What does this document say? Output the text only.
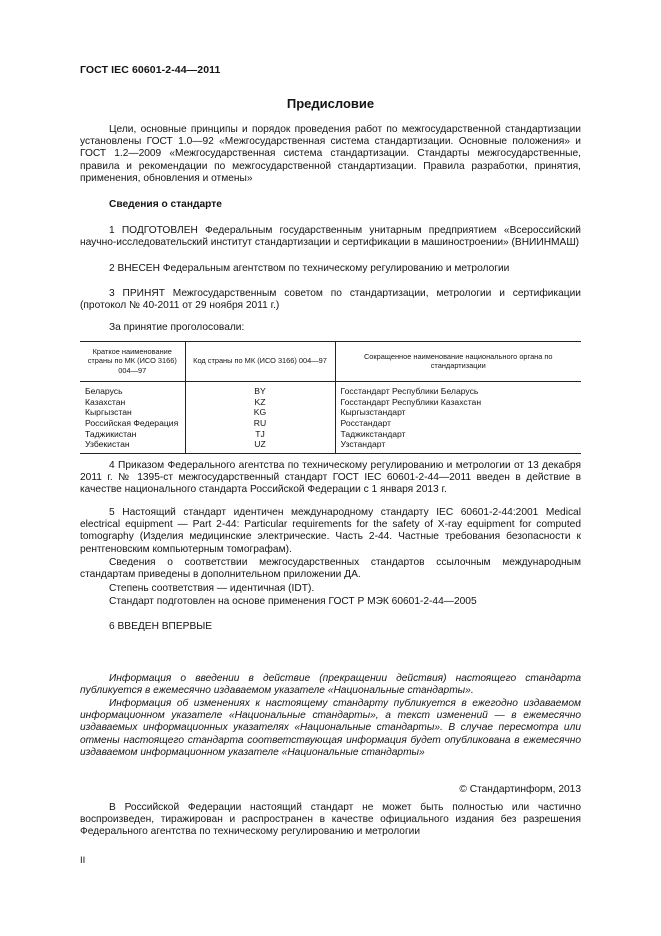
ГОСТ IEC 60601-2-44—2011
Предисловие
Цели, основные принципы и порядок проведения работ по межгосударственной стандартизации установлены ГОСТ 1.0—92 «Межгосударственная система стандартизации. Основные положения» и ГОСТ 1.2—2009 «Межгосударственная система стандартизации. Стандарты межгосударственные, правила и рекомендации по межгосударственной стандартизации. Правила разработки, принятия, применения, обновления и отмены»
Сведения о стандарте
1 ПОДГОТОВЛЕН Федеральным государственным унитарным предприятием «Всероссийский научно-исследовательский институт стандартизации и сертификации в машиностроении» (ВНИИНМАШ)
2 ВНЕСЕН Федеральным агентством по техническому регулированию и метрологии
3 ПРИНЯТ Межгосударственным советом по стандартизации, метрологии и сертификации (протокол № 40-2011 от 29 ноября 2011 г.)
За принятие проголосовали:
Краткое наименование страны по МК (ИСО 3166) 004—97	Код страны по МК (ИСО 3166) 004—97	Сокращенное наименование национального органа по стандартизации
Беларусь	BY	Госстандарт Республики Беларусь
Казахстан	KZ	Госстандарт Республики Казахстан
Кыргызстан	KG	Кыргызстандарт
Российская Федерация	RU	Росстандарт
Таджикистан	TJ	Таджикстандарт
Узбекистан	UZ	Узстандарт
4 Приказом Федерального агентства по техническому регулированию и метрологии от 13 декабря 2011 г. № 1395-ст межгосударственный стандарт ГОСТ IEC 60601-2-44—2011 введен в действие в качестве национального стандарта Российской Федерации с 1 января 2013 г.
5 Настоящий стандарт идентичен международному стандарту IEC 60601-2-44:2001 Medical electrical equipment — Part 2-44: Particular requirements for the safety of X-ray equipment for computed tomography (Изделия медицинские электрические. Часть 2-44. Частные требования безопасности к рентгеновским компьютерным томографам).
Сведения о соответствии межгосударственных стандартов ссылочным международным стандартам приведены в дополнительном приложении ДА.
Степень соответствия — идентичная (IDT).
Стандарт подготовлен на основе применения ГОСТ Р МЭК 60601-2-44—2005
6 ВВЕДЕН ВПЕРВЫЕ
Информация о введении в действие (прекращении действия) настоящего стандарта публикуется в ежемесячно издаваемом указателе «Национальные стандарты».
Информация об изменениях к настоящему стандарту публикуется в ежегодно издаваемом информационном указателе «Национальные стандарты», а текст изменений — в ежемесячно издаваемых информационных указателях «Национальные стандарты». В случае пересмотра или отмены настоящего стандарта соответствующая информация будет опубликована в ежемесячно издаваемом информационном указателе «Национальные стандарты»
© Стандартинформ, 2013
В Российской Федерации настоящий стандарт не может быть полностью или частично воспроизведен, тиражирован и распространен в качестве официального издания без разрешения Федерального агентства по техническому регулированию и метрологии
II
